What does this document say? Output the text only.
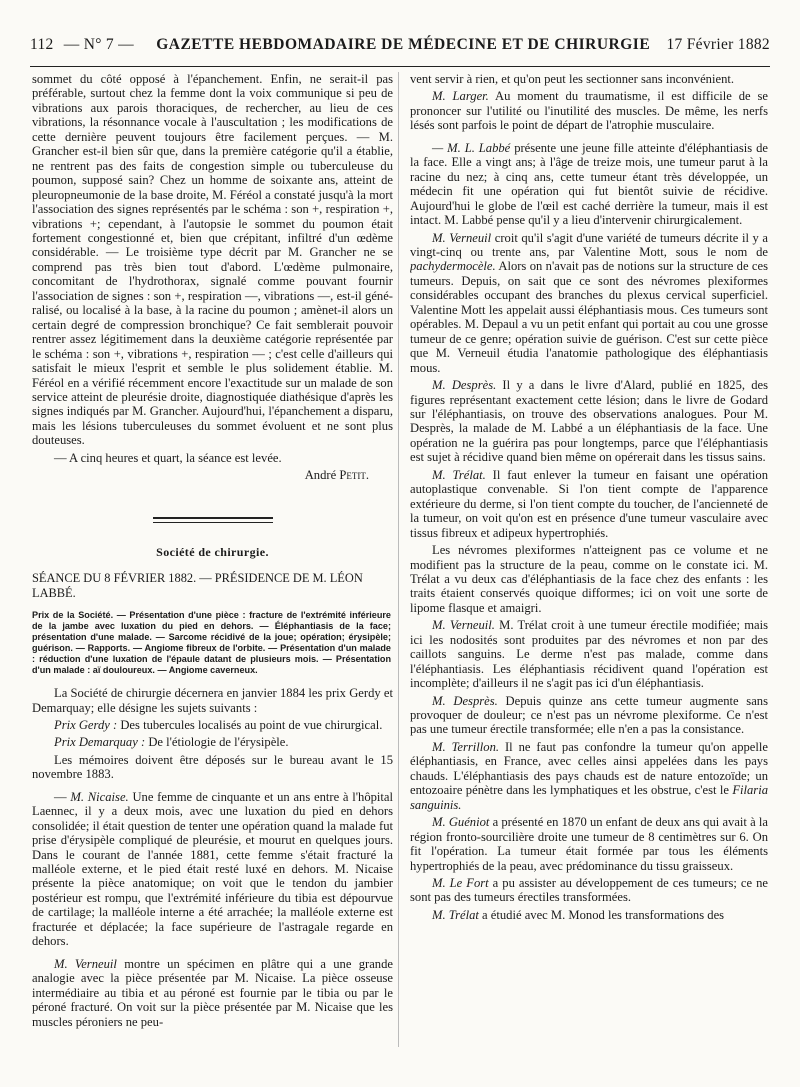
112 — N° 7 —	GAZETTE HEBDOMADAIRE DE MÉDECINE ET DE CHIRURGIE 17 Février 1882

sommet du côté opposé à l'épanchement. Enfin, ne serait-il pas préférable, surtout chez la femme dont la voix communique si peu de vibrations aux parois thoraciques, de rechercher, au lieu de ces vibrations, la résonnance vocale à l'auscultation ; les modifications de cette dernière peuvent toujours être facilement perçues. — M. Grancher est-il bien sûr que, dans la première catégorie qu'il a établie, ne rentrent pas des faits de congestion simple ou tuberculeuse du poumon, supposé sain? Chez un homme de soixante ans, atteint de pleuropneumonie de la base droite, M. Féréol a constaté jusqu'à la mort l'association des signes représentés par le schéma : son +, respiration +, vibrations +; cependant, à l'autopsie le sommet du poumon était fortement congestionné et, bien que crépitant, infiltré d'un œdème considérable. — Le troisième type décrit par M. Grancher ne se comprend pas très bien tout d'abord. L'œdème pulmonaire, concomitant de l'hydrothorax, signalé comme pouvant fournir l'association de signes : son +, respiration —, vibrations —, est-il généralisé, ou localisé à la base, à la racine du poumon ; amènet-il alors un certain degré de compression bronchique? Ce fait semblerait pouvoir rentrer assez légitimement dans la deuxième catégorie représentée par le schéma : son +, vibrations +, respiration — ; c'est celle d'ailleurs qui satisfait le mieux l'esprit et semble le plus solidement établie. M. Féréol en a vérifié récemment encore l'exactitude sur un malade de son service atteint de pleurésie droite, diagnostiquée diathésique d'après les signes indiqués par M. Grancher. Aujourd'hui, l'épanchement a disparu, mais les lésions tuberculeuses du sommet évoluent et ne sont plus douteuses.

— A cinq heures et quart, la séance est levée.

André Petit.

Société de chirurgie.

SÉANCE DU 8 FÉVRIER 1882. — PRÉSIDENCE DE M. LÉON LABBÉ.

Prix de la Société. — Présentation d'une pièce : fracture de l'extrémité inférieure de la jambe avec luxation du pied en dehors. — Éléphantiasis de la face; présentation d'une malade. — Sarcome récidivé de la joue; opération; érysipèle; guérison. — Rapports. — Angiome fibreux de l'orbite. — Présentation d'un malade : réduction d'une luxation de l'épaule datant de plusieurs mois. — Présentation d'un malade : aï douloureux. — Angiome caverneux.

La Société de chirurgie décernera en janvier 1884 les prix Gerdy et Demarquay; elle désigne les sujets suivants :

Prix Gerdy : Des tubercules localisés au point de vue chirurgical.

Prix Demarquay : De l'étiologie de l'érysipèle.

Les mémoires doivent être déposés sur le bureau avant le 15 novembre 1883.

— M. Nicaise. Une femme de cinquante et un ans entre à l'hôpital Laennec, il y a deux mois, avec une luxation du pied en dehors consolidée; il était question de tenter une opération quand la malade fut prise d'érysipèle compliqué de pleurésie, et mourut en quelques jours. Dans le courant de l'année 1881, cette femme s'était fracturé la malléole externe, et le pied était resté luxé en dehors. M. Nicaise présente la pièce anatomique; on voit que le tendon du jambier postérieur est rompu, que l'extrémité inférieure du tibia est dépourvue de cartilage; la malléole interne a été arrachée; la malléole externe est fracturée et déplacée; la face supérieure de l'astragale regarde en dehors.

M. Verneuil montre un spécimen en plâtre qui a une grande analogie avec la pièce présentée par M. Nicaise. La pièce osseuse intermédiaire au tibia et au péroné est fournie par le tibia ou par le péroné fracturé. On voit sur la pièce présentée par M. Nicaise que les muscles péroniers ne peu-

vent servir à rien, et qu'on peut les sectionner sans inconvénient.

M. Larger. Au moment du traumatisme, il est difficile de se prononcer sur l'utilité ou l'inutilité des muscles. De même, les nerfs lésés sont parfois le point de départ de l'atrophie musculaire.

— M. L. Labbé présente une jeune fille atteinte d'éléphantiasis de la face. Elle a vingt ans; à l'âge de treize mois, une tumeur parut à la racine du nez; à cinq ans, cette tumeur étant très développée, un médecin fit une opération qui fut bientôt suivie de récidive. Aujourd'hui le globe de l'œil est caché derrière la tumeur, mais il est intact. M. Labbé pense qu'il y a lieu d'intervenir chirurgicalement.

M. Verneuil croit qu'il s'agit d'une variété de tumeurs décrite il y a vingt-cinq ou trente ans, par Valentine Mott, sous le nom de pachydermocèle. Alors on n'avait pas de notions sur la structure de ces tumeurs. Depuis, on sait que ce sont des névromes plexiformes considérables occupant des branches du plexus cervical superficiel. Valentine Mott les appelait aussi éléphantiasis mous. Ces tumeurs sont opérables. M. Depaul a vu un petit enfant qui portait au cou une grosse tumeur de ce genre; opération suivie de guérison. C'est sur cette pièce que M. Verneuil étudia l'anatomie pathologique des éléphantiasis mous.

M. Desprès. Il y a dans le livre d'Alard, publié en 1825, des figures représentant exactement cette lésion; dans le livre de Godard sur l'éléphantiasis, on trouve des observations analogues. Pour M. Desprès, la malade de M. Labbé a un éléphantiasis de la face. Une opération ne la guérira pas pour longtemps, parce que l'éléphantiasis est sujet à récidive quand bien même on opérerait dans les tissus sains.

M. Trélat. Il faut enlever la tumeur en faisant une opération autoplastique convenable. Si l'on tient compte de l'apparence extérieure du derme, si l'on tient compte du toucher, de l'ancienneté de la tumeur, on voit qu'on est en présence d'une tumeur vasculaire avec tissus fibreux et adipeux hypertrophiés.

Les névromes plexiformes n'atteignent pas ce volume et ne modifient pas la structure de la peau, comme on le constate ici. M. Trélat a vu deux cas d'éléphantiasis de la face chez des enfants : les traits étaient conservés quoique difformes; ici on voit une sorte de lipome flasque et amaigri.

M. Verneuil. M. Trélat croit à une tumeur érectile modifiée; mais ici les nodosités sont produites par des névromes et non par des caillots sanguins. Le derme n'est pas malade, comme dans l'éléphantiasis. Les éléphantiasis récidivent quand l'opération est incomplète; d'ailleurs il ne s'agit pas ici d'un éléphantiasis.

M. Desprès. Depuis quinze ans cette tumeur augmente sans provoquer de douleur; ce n'est pas un névrome plexiforme. Ce n'est pas une tumeur érectile transformée; elle n'en a pas la consistance.

M. Terrillon. Il ne faut pas confondre la tumeur qu'on appelle éléphantiasis, en France, avec celles ainsi appelées dans les pays chauds. L'éléphantiasis des pays chauds est de nature entozoïde; un entozoaire pénètre dans les lymphatiques et les obstrue, c'est le Filaria sanguinis.

M. Guéniot a présenté en 1870 un enfant de deux ans qui avait à la région fronto-sourcilière droite une tumeur de 8 centimètres sur 6. On fit l'opération. La tumeur était formée par tous les éléments hypertrophiés de la peau, avec prédominance du tissu graisseux.

M. Le Fort a pu assister au développement de ces tumeurs; ce ne sont pas des tumeurs érectiles transformées.

M. Trélat a étudié avec M. Monod les transformations des
